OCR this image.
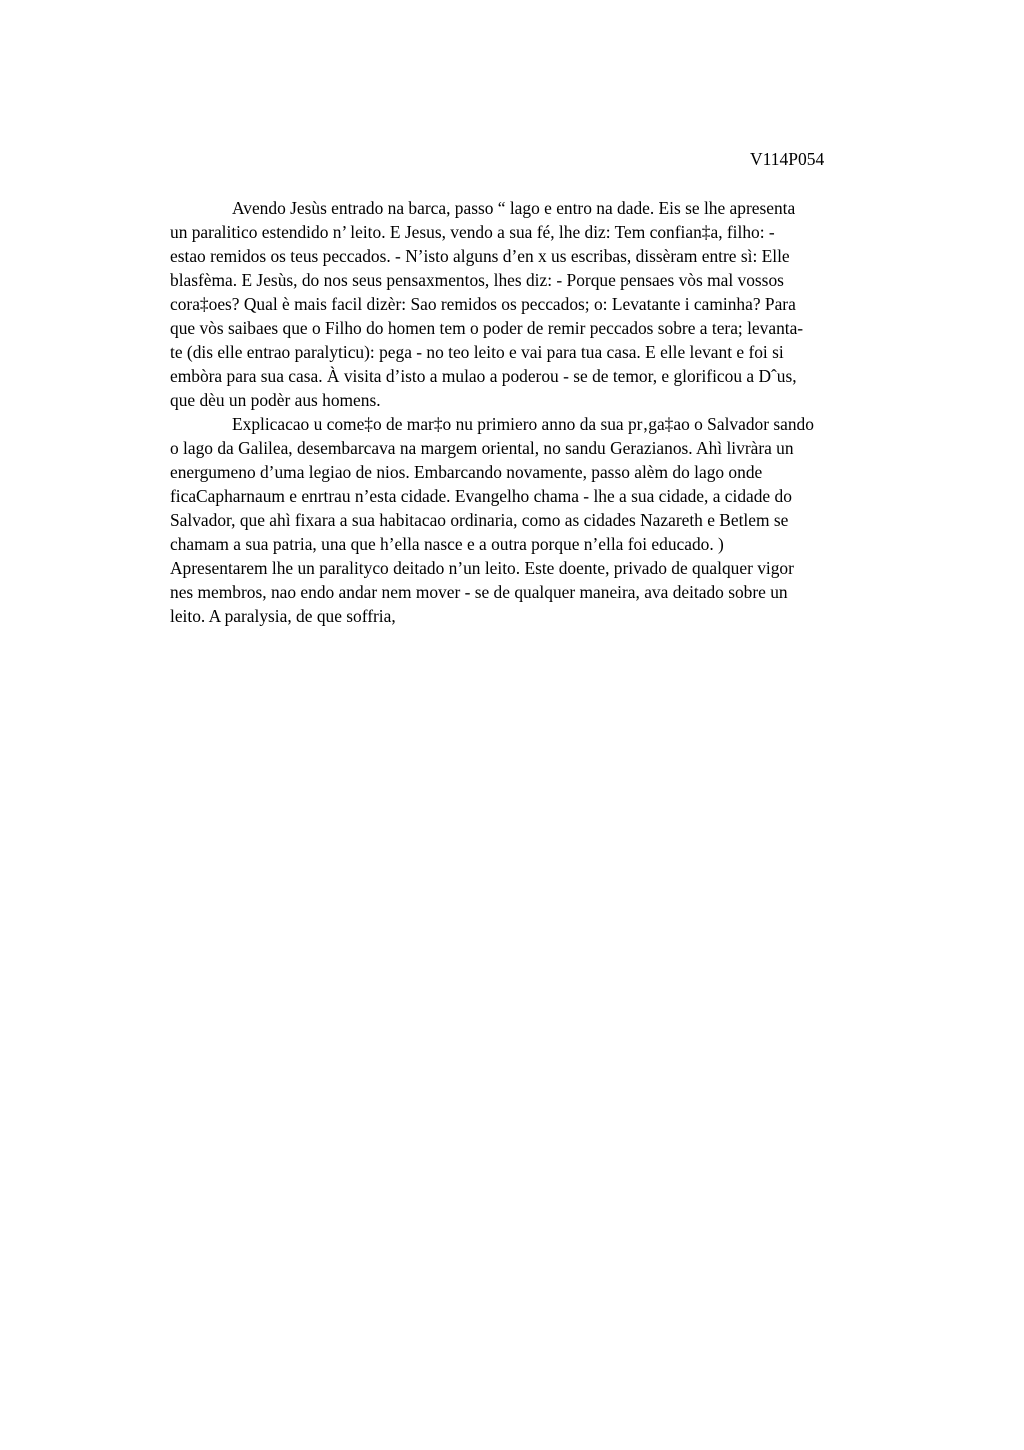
V114P054
Avendo Jesùs entrado na barca, passo “ lago e entro na dade. Eis se lhe apresenta
un paralitico estendido n’ leito. E Jesus, vendo a sua fé, lhe diz: Tem confian‡a, filho: -
estao remidos os teus peccados. - N’isto alguns d’en x us escribas, dissèram entre sì: Elle
blasfèma. E Jesùs, do nos seus pensaxmentos, lhes diz: - Porque pensaes vòs mal vossos
cora‡oes? Qual è mais facil dizèr: Sao remidos os peccados; o: Levatante i caminha? Para
que vòs saibaes que o Filho do homen tem o poder de remir peccados sobre a tera; levanta-
te (dis elle entrao paralyticu): pega - no teo leito e vai para tua casa. E elle levant e foi si
embòra para sua casa. À visita d’isto a mulao a poderou - se de temor, e glorificou a Dˆus,
que dèu un podèr aus homens.
Explicacao u come‡o de mar‡o nu primiero anno da sua pr‚ga‡ao o Salvador sando
o lago da Galilea, desembarcava na margem oriental, no sandu Gerazianos. Ahì livràra un
energumeno d’uma legiao de nios. Embarcando novamente, passo alèm do lago onde
ficaCapharnaum e enrtrau n’esta cidade. Evangelho chama - lhe a sua cidade, a cidade do
Salvador, que ahì fixara a sua habitacao ordinaria, como as cidades Nazareth e Betlem se
chamam a sua patria, una que h’ella nasce e a outra porque n’ella foi educado. )
Apresentarem lhe un paralityco deitado n’un leito. Este doente, privado de qualquer vigor
nes membros, nao endo andar nem mover - se de qualquer maneira, ava deitado sobre un
leito. A paralysia, de que soffria,
